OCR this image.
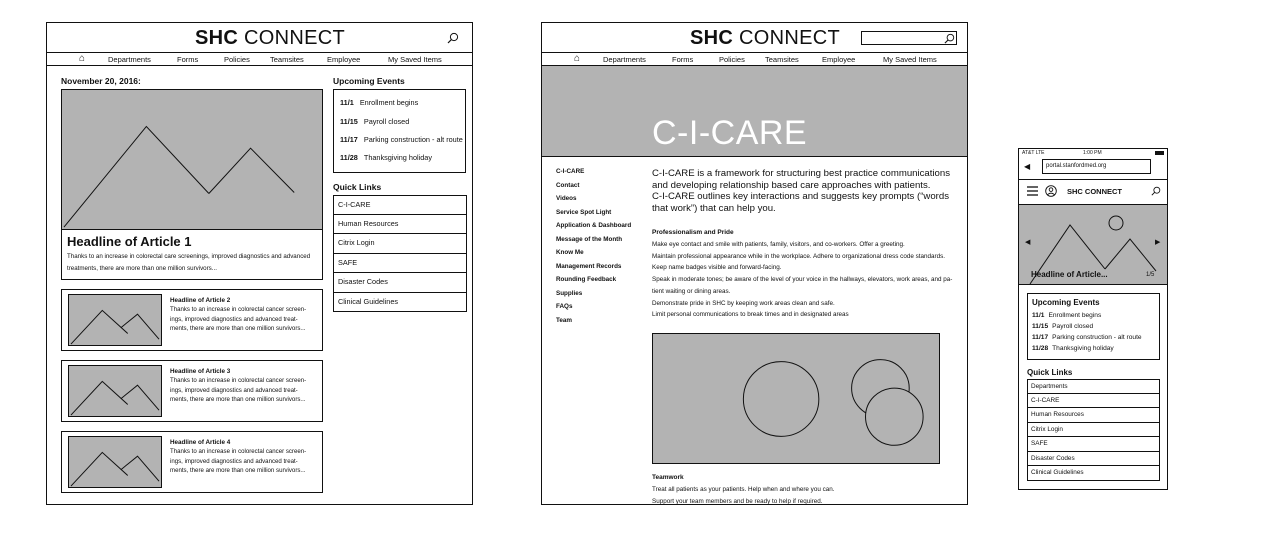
SHC CONNECT
⌂	Departments	Forms	Policies	Teamsites	Employee	My Saved Items
November 20, 2016:
Headline of Article 1
Thanks to an increase in colorectal care screenings, improved diagnostics and advanced treatments, there are more than one million survivors...
Headline of Article 2
Thanks to an increase in colorectal cancer screen-
ings, improved diagnostics and advanced treat-
ments, there are more than one million survivors...
Headline of Article 3
Thanks to an increase in colorectal cancer screen-
ings, improved diagnostics and advanced treat-
ments, there are more than one million survivors...
Headline of Article 4
Thanks to an increase in colorectal cancer screen-
ings, improved diagnostics and advanced treat-
ments, there are more than one million survivors...
Upcoming Events
11/1 Enrollment begins
11/15 Payroll closed
11/17 Parking construction - alt route
11/28 Thanksgiving holiday
Quick Links
C-I-CARE
Human Resources
Citrix Login
SAFE
Disaster Codes
Clinical Guidelines
SHC CONNECT
⌂	Departments	Forms	Policies	Teamsites	Employee	My Saved Items
C-I-CARE
C-I-CARE
Contact
Videos
Service Spot Light
Application & Dashboard
Message of the Month
Know Me
Management Records
Rounding Feedback
Supplies
FAQs
Team
C-I-CARE is a framework for structuring best practice communications
and developing relationship based care approaches with patients.
C-I-CARE outlines key interactions and suggests key prompts (“words
that work”) that can help you.
Professionalism and Pride
Make eye contact and smile with patients, family, visitors, and co-workers. Offer a greeting.
Maintain professional appearance while in the workplace. Adhere to organizational dress code standards.
Keep name badges visible and forward-facing.
Speak in moderate tones; be aware of the level of your voice in the hallways, elevators, work areas, and pa-
tient waiting or dining areas.
Demonstrate pride in SHC by keeping work areas clean and safe.
Limit personal communications to break times and in designated areas
Teamwork
Treat all patients as your patients. Help when and where you can.
Support your team members and be ready to help if required.
AT&T LTE	1:00 PM
◀	portal.stanfordmed.org
SHC CONNECT
◀	▶
Headline of Article...	1/5
Upcoming Events
11/1 Enrollment begins
11/15 Payroll closed
11/17 Parking construction - alt route
11/28 Thanksgiving holiday
Quick Links
Departments
C-I-CARE
Human Resources
Citrix Login
SAFE
Disaster Codes
Clinical Guidelines
